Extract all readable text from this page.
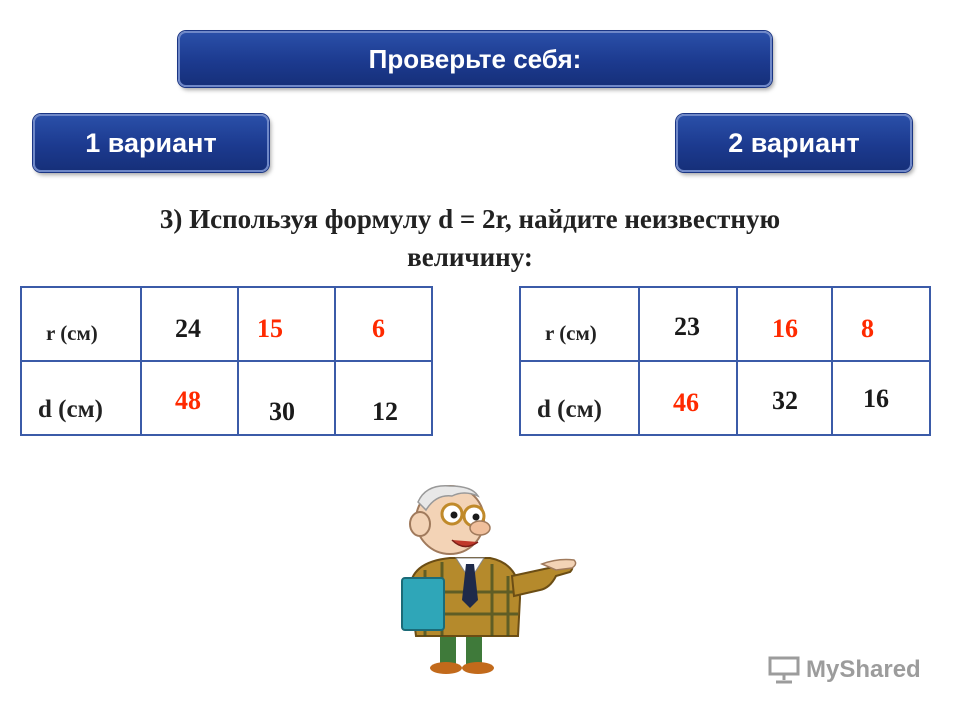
Проверьте себя:
1 вариант	2 вариант
3) Используя формулу d = 2r, найдите неизвестную
величину:
r (см)	24	15	6

d (см)	48	30	12
r (см)	23	16	8

d (см)	46	32	16
MyShared
